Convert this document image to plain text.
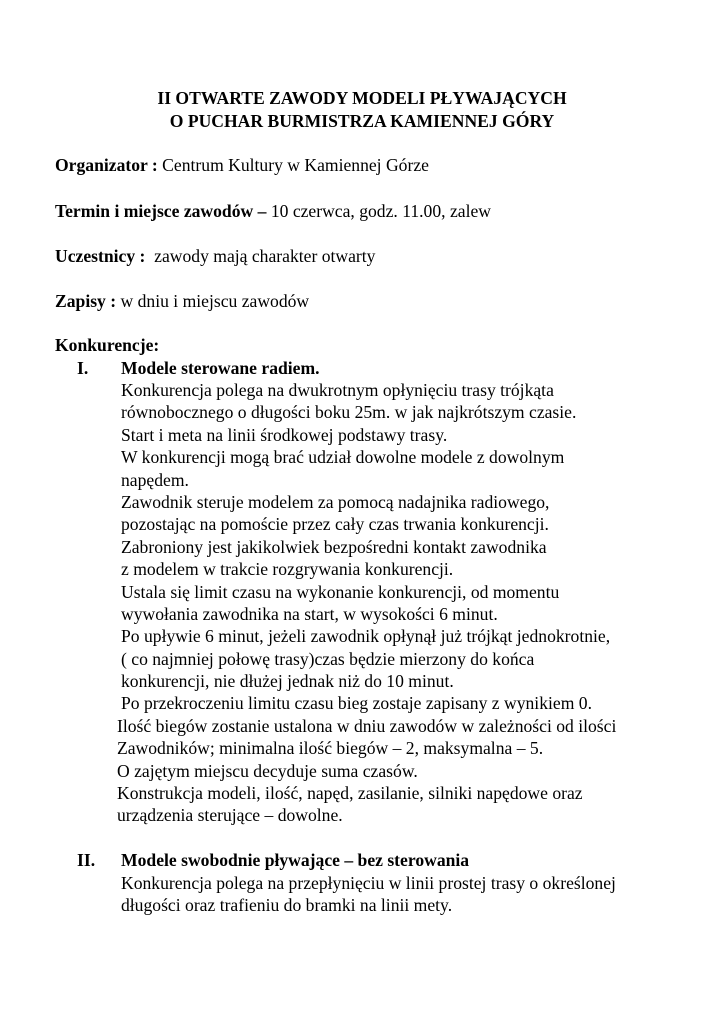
II OTWARTE ZAWODY MODELI PŁYWAJĄCYCH
O PUCHAR BURMISTRZA KAMIENNEJ GÓRY
Organizator : Centrum Kultury w Kamiennej Górze
Termin i miejsce zawodów – 10 czerwca, godz. 11.00, zalew
Uczestnicy :  zawody mają charakter otwarty
Zapisy : w dniu i miejscu zawodów
Konkurencje:
I. Modele sterowane radiem.
Konkurencja polega na dwukrotnym opłynięciu trasy trójkąta
równobocznego o długości boku 25m. w jak najkrótszym czasie.
Start i meta na linii środkowej podstawy trasy.
W konkurencji mogą brać udział dowolne modele z dowolnym
napędem.
Zawodnik steruje modelem za pomocą nadajnika radiowego,
pozostając na pomoście przez cały czas trwania konkurencji.
Zabroniony jest jakikolwiek bezpośredni kontakt zawodnika
z modelem w trakcie rozgrywania konkurencji.
Ustala się limit czasu na wykonanie konkurencji, od momentu
wywołania zawodnika na start, w wysokości 6 minut.
Po upływie 6 minut, jeżeli zawodnik opłynął już trójkąt jednokrotnie,
( co najmniej połowę trasy)czas będzie mierzony do końca
konkurencji, nie dłużej jednak niż do 10 minut.
Po przekroczeniu limitu czasu bieg zostaje zapisany z wynikiem 0.
Ilość biegów zostanie ustalona w dniu zawodów w zależności od ilości
Zawodników; minimalna ilość biegów – 2, maksymalna – 5.
O zajętym miejscu decyduje suma czasów.
Konstrukcja modeli, ilość, napęd, zasilanie, silniki napędowe oraz
urządzenia sterujące – dowolne.
II. Modele swobodnie pływające – bez sterowania
Konkurencja polega na przepłynięciu w linii prostej trasy o określonej
długości oraz trafieniu do bramki na linii mety.
